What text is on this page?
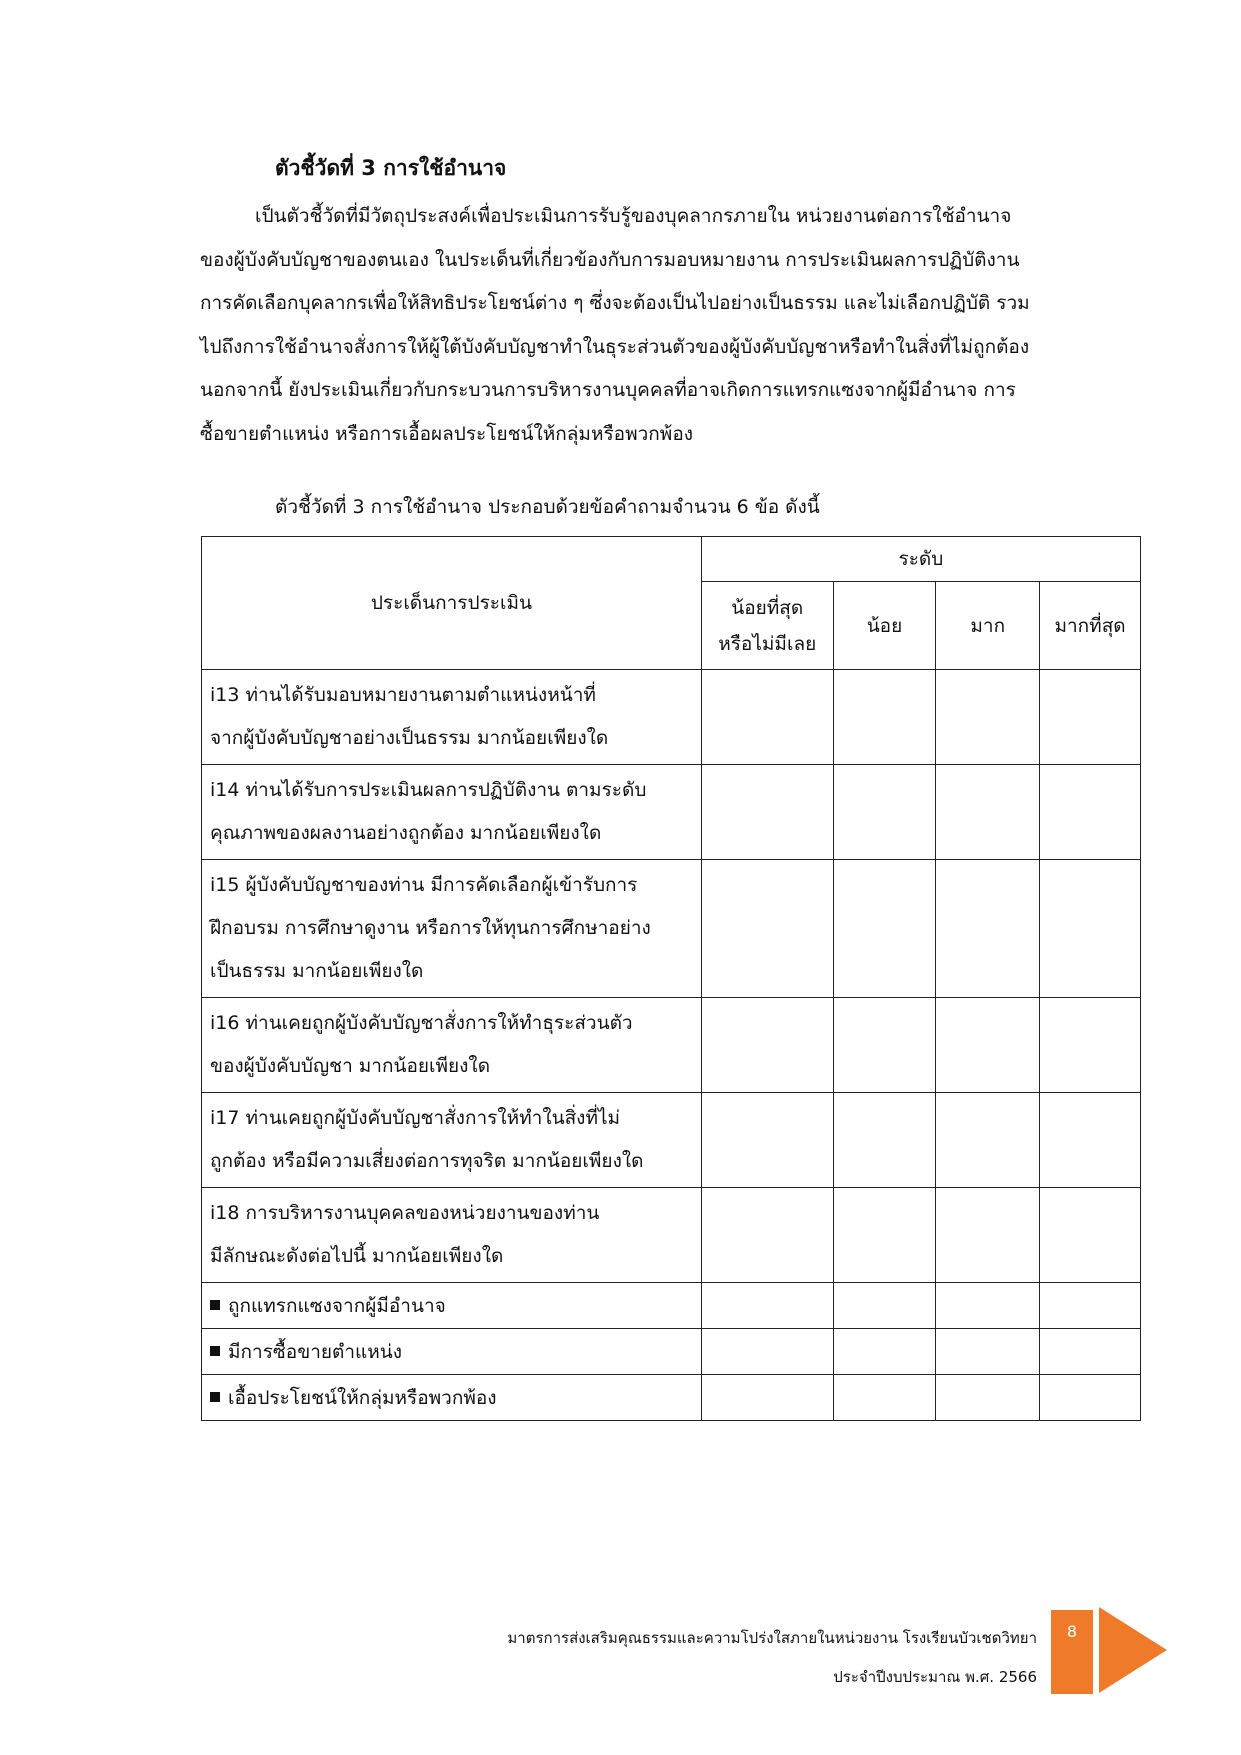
ตัวชี้วัดที่ 3 การใช้อำนาจ
เป็นตัวชี้วัดที่มีวัตถุประสงค์เพื่อประเมินการรับรู้ของบุคลากรภายใน หน่วยงานต่อการใช้อำนาจ
ของผู้บังคับบัญชาของตนเอง ในประเด็นที่เกี่ยวข้องกับการมอบหมายงาน การประเมินผลการปฏิบัติงาน
การคัดเลือกบุคลากรเพื่อให้สิทธิประโยชน์ต่าง ๆ ซึ่งจะต้องเป็นไปอย่างเป็นธรรม และไม่เลือกปฏิบัติ รวม
ไปถึงการใช้อำนาจสั่งการให้ผู้ใต้บังคับบัญชาทำในธุระส่วนตัวของผู้บังคับบัญชาหรือทำในสิ่งที่ไม่ถูกต้อง
นอกจากนี้ ยังประเมินเกี่ยวกับกระบวนการบริหารงานบุคคลที่อาจเกิดการแทรกแซงจากผู้มีอำนาจ การ
ซื้อขายตำแหน่ง หรือการเอื้อผลประโยชน์ให้กลุ่มหรือพวกพ้อง
ตัวชี้วัดที่ 3 การใช้อำนาจ ประกอบด้วยข้อคำถามจำนวน 6 ข้อ ดังนี้
ประเด็นการประเมิน	ระดับ			
	น้อยที่สุด
หรือไม่มีเลย	น้อย	มาก	มากที่สุด

i13 ท่านได้รับมอบหมายงานตามตำแหน่งหน้าที่
จากผู้บังคับบัญชาอย่างเป็นธรรม มากน้อยเพียงใด				

i14 ท่านได้รับการประเมินผลการปฏิบัติงาน ตามระดับ
คุณภาพของผลงานอย่างถูกต้อง มากน้อยเพียงใด				

i15 ผู้บังคับบัญชาของท่าน มีการคัดเลือกผู้เข้ารับการ
ฝึกอบรม การศึกษาดูงาน หรือการให้ทุนการศึกษาอย่าง
เป็นธรรม มากน้อยเพียงใด				

i16 ท่านเคยถูกผู้บังคับบัญชาสั่งการให้ทำธุระส่วนตัว
ของผู้บังคับบัญชา มากน้อยเพียงใด				

i17 ท่านเคยถูกผู้บังคับบัญชาสั่งการให้ทำในสิ่งที่ไม่
ถูกต้อง หรือมีความเสี่ยงต่อการทุจริต มากน้อยเพียงใด				

i18 การบริหารงานบุคคลของหน่วยงานของท่าน
มีลักษณะดังต่อไปนี้ มากน้อยเพียงใด				

ถูกแทรกแซงจากผู้มีอำนาจ				
มีการซื้อขายตำแหน่ง				
เอื้อประโยชน์ให้กลุ่มหรือพวกพ้อง				
มาตรการส่งเสริมคุณธรรมและความโปร่งใสภายในหน่วยงาน โรงเรียนบัวเชดวิทยา
ประจำปีงบประมาณ พ.ศ. 2566
8
